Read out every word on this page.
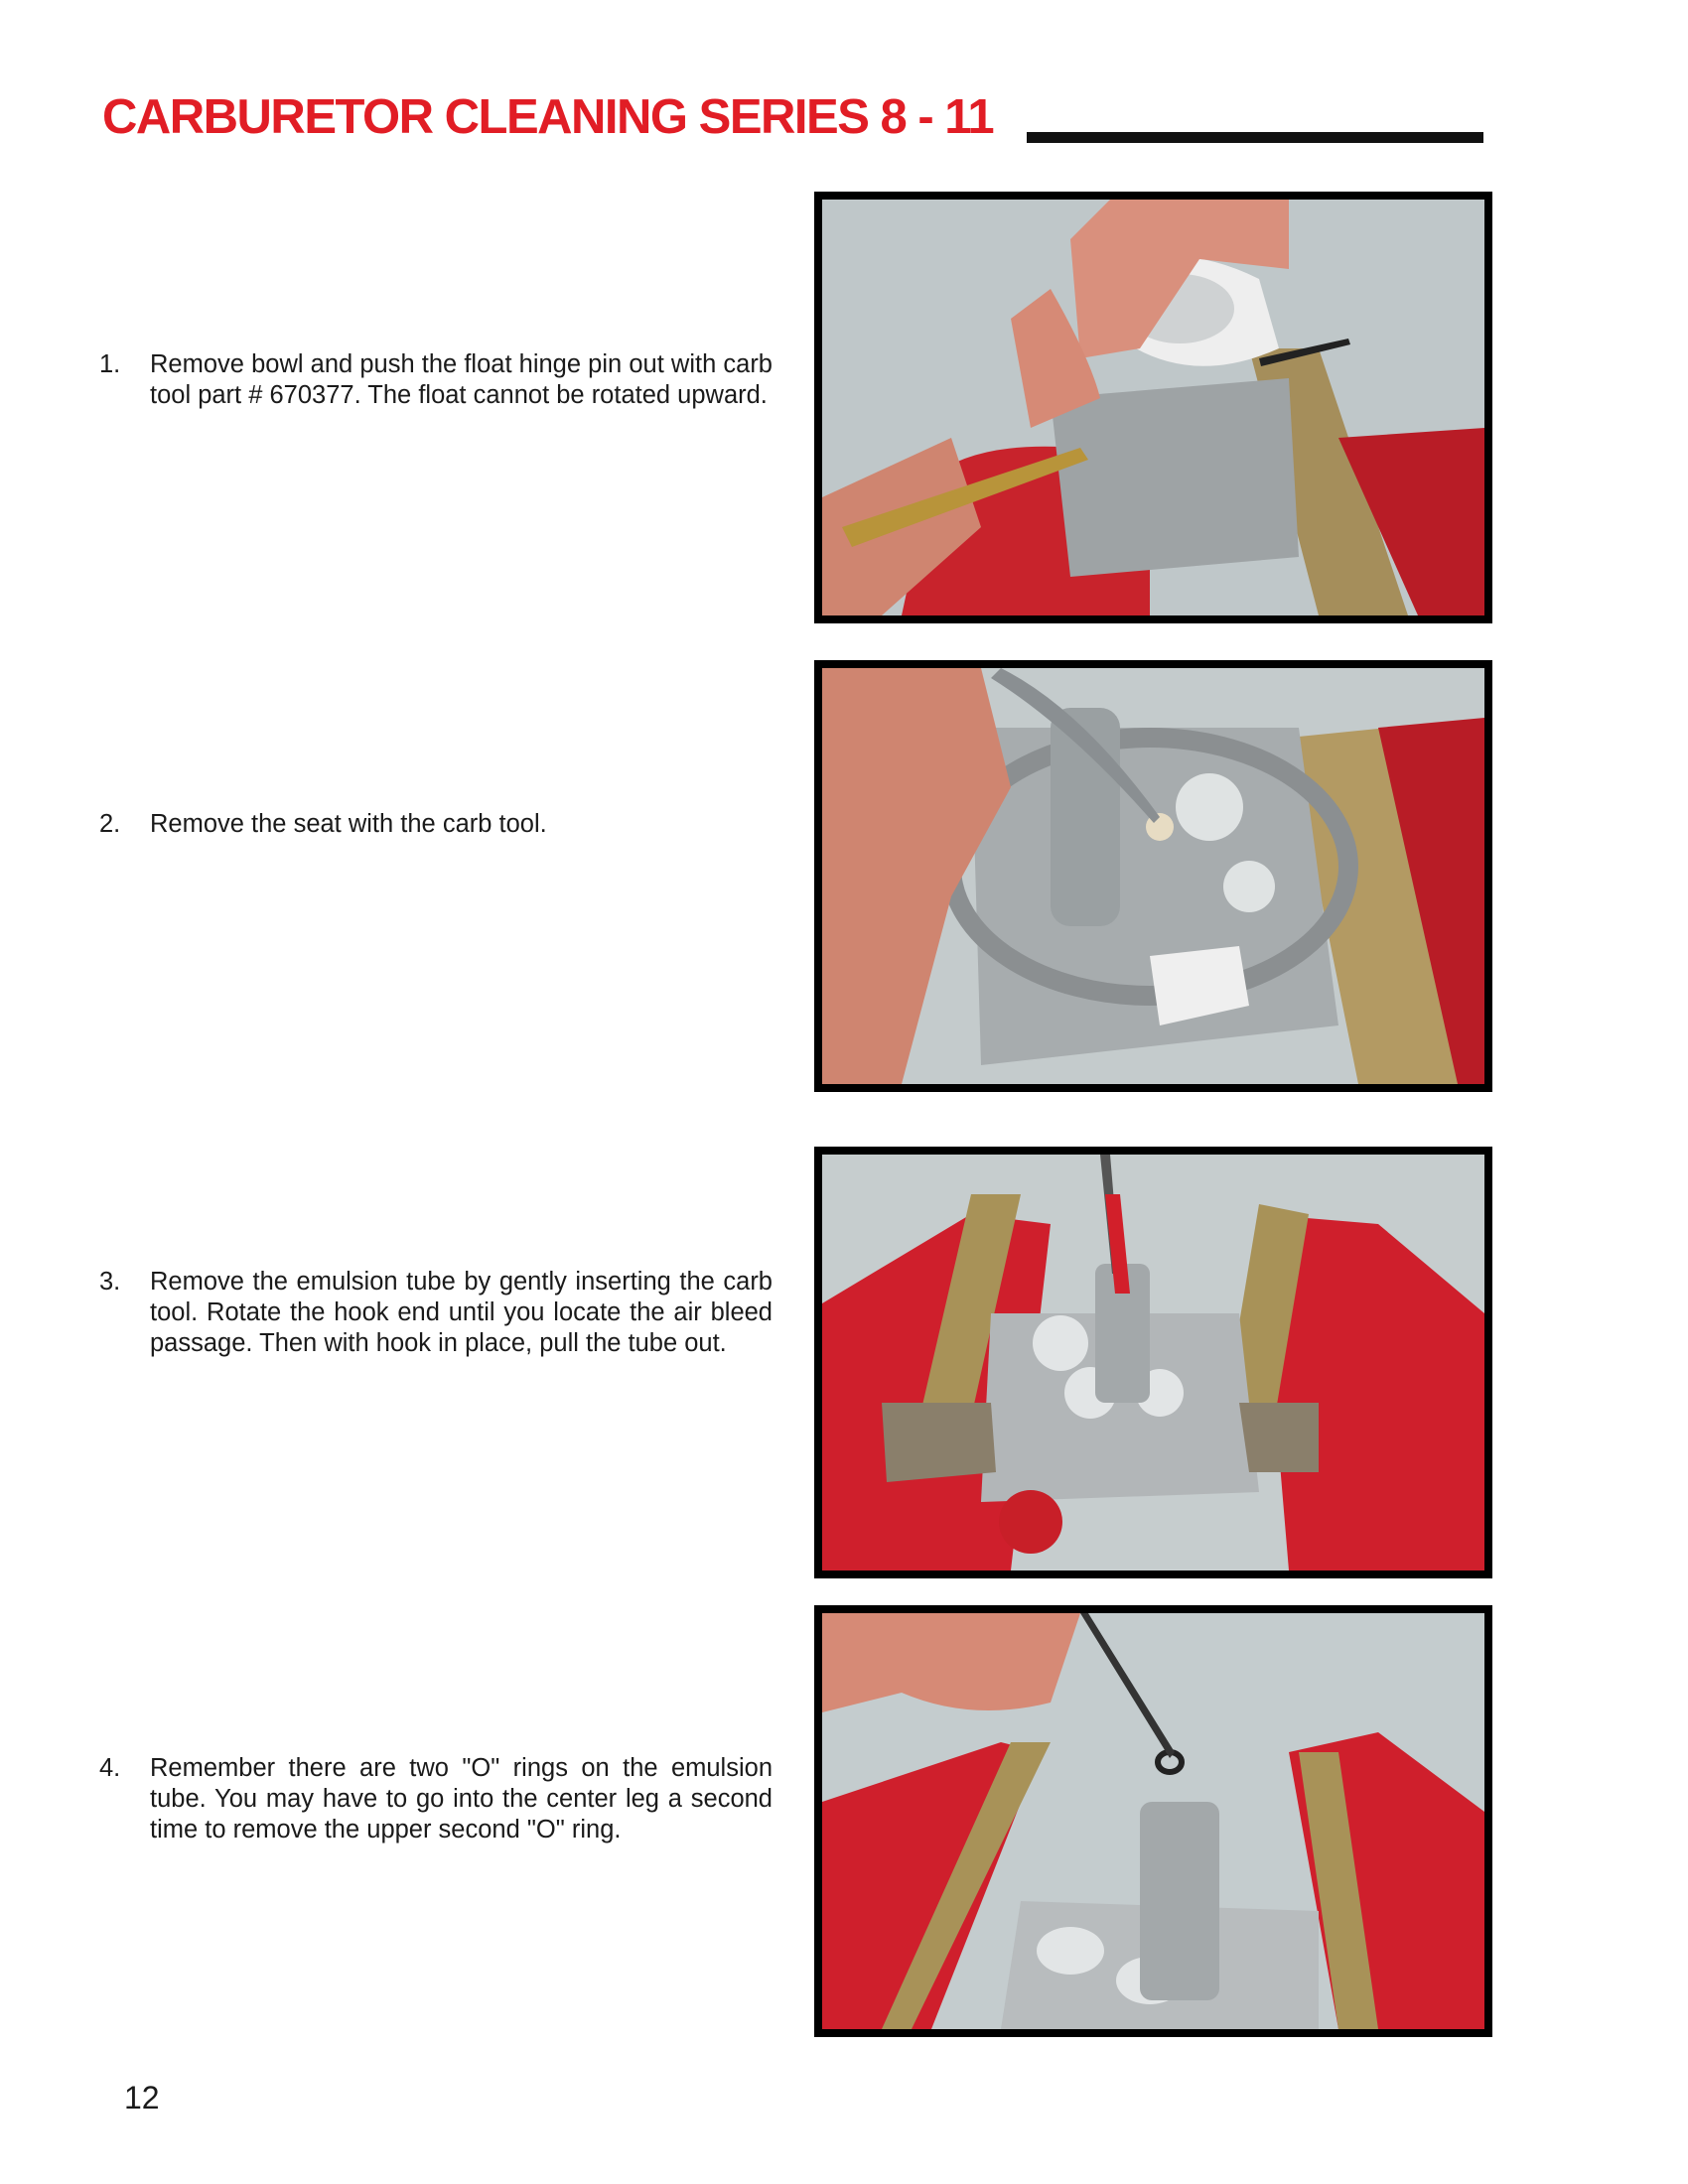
CARBURETOR CLEANING SERIES 8 - 11
1.	Remove bowl and push the float hinge pin out with carb tool part # 670377. The float cannot be rotated upward.
2.	Remove the seat with the carb tool.
3.	Remove the emulsion tube by gently inserting the carb tool. Rotate the hook end until you locate the air bleed passage. Then with hook in place, pull the tube out.
4.	Remember there are two "O" rings on the emulsion tube. You may have to go into the center leg a second time to remove the upper second "O" ring.
12
